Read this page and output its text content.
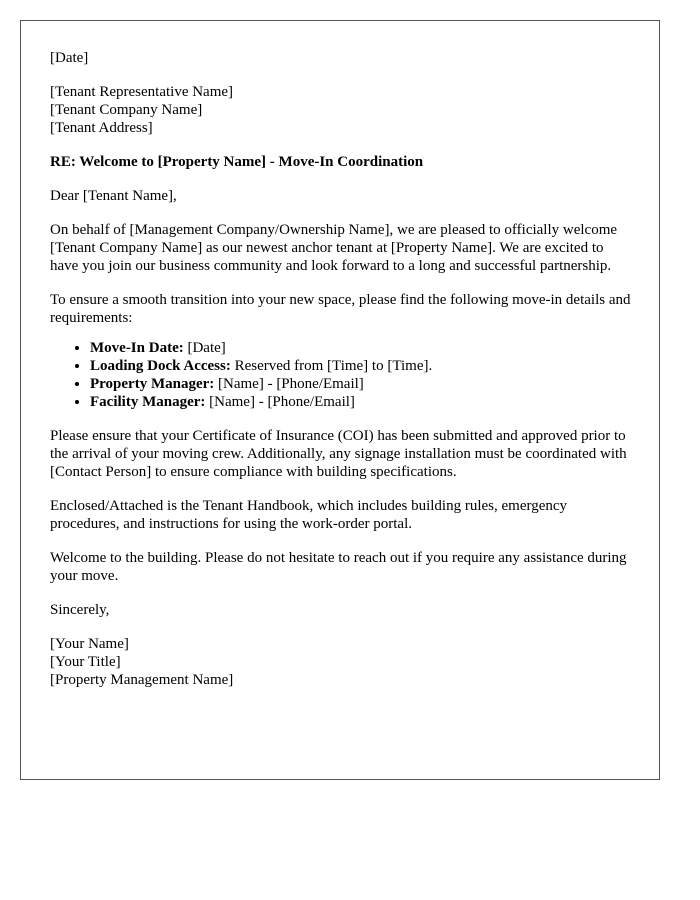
[Date]
[Tenant Representative Name]
[Tenant Company Name]
[Tenant Address]
RE: Welcome to [Property Name] - Move-In Coordination

Dear [Tenant Name],

On behalf of [Management Company/Ownership Name], we are pleased to officially welcome [Tenant Company Name] as our newest anchor tenant at [Property Name]. We are excited to have you join our business community and look forward to a long and successful partnership.

To ensure a smooth transition into your new space, please find the following move-in details and requirements:

• Move-In Date: [Date]
• Loading Dock Access: Reserved from [Time] to [Time].
• Property Manager: [Name] - [Phone/Email]
• Facility Manager: [Name] - [Phone/Email]

Please ensure that your Certificate of Insurance (COI) has been submitted and approved prior to the arrival of your moving crew. Additionally, any signage installation must be coordinated with [Contact Person] to ensure compliance with building specifications.

Enclosed/Attached is the Tenant Handbook, which includes building rules, emergency procedures, and instructions for using the work-order portal.

Welcome to the building. Please do not hesitate to reach out if you require any assistance during your move.

Sincerely,

[Your Name]
[Your Title]
[Property Management Name]
